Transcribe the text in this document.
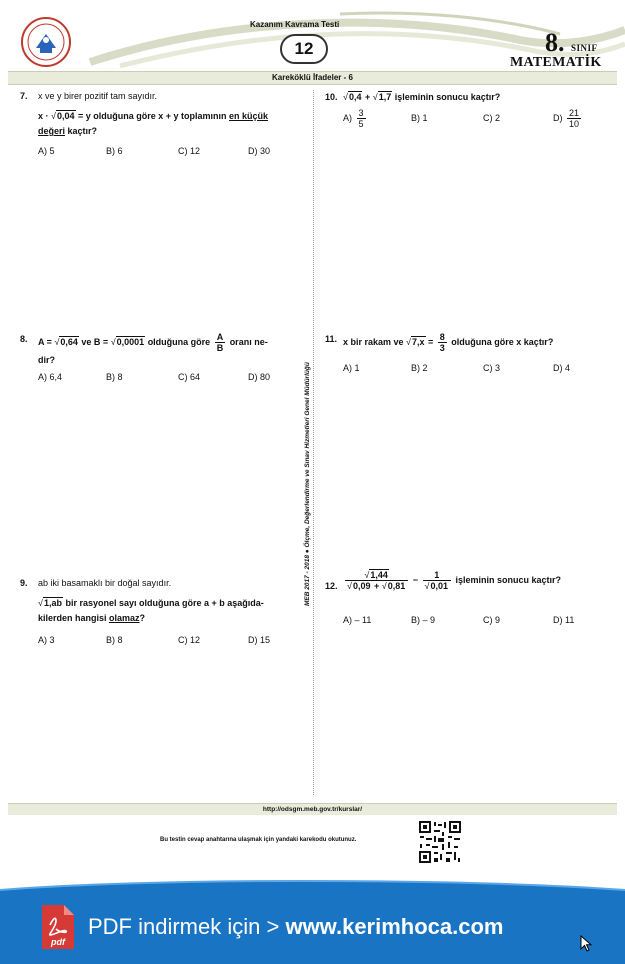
Kazanım Kavrama Testi
12	8. SINIF
MATEMATİK
Kareköklü İfadeler - 6
MEB 2017 - 2018 ● Ölçme, Değerlendirme ve Sınav Hizmetleri Genel Müdürlüğü
7. x ve y birer pozitif tam sayıdır.
x · √0,04 = y olduğuna göre x + y toplamının en küçük
değeri kaçtır?
A) 5	B) 6	C) 12	D) 30
8. A = √0,64 ve B = √0,0001 olduğuna göre $\frac{A}{B}$ oranı ne-
dir?
A) 6,4	B) 8	C) 64	D) 80
9. ab iki basamaklı bir doğal sayıdır.
√1,ab bir rasyonel sayı olduğuna göre a + b aşağıda-
kilerden hangisi olamaz?
A) 3	B) 8	C) 12	D) 15
10. √0,4 + √1,7 işleminin sonucu kaçtır?
$A) \frac{3}{5}$	B) 1	C) 2	$D) \frac{21}{10}$
11. x bir rakam ve $√7,x = \frac{8}{3}$ olduğuna göre x kaçtır?
A) 1	B) 2	C) 3	D) 4
12. $\frac{√1,44}{√0,09 + √0,81} - \frac{1}{√0,01}$ işleminin sonucu kaçtır?
A) – 11	B) – 9	C) 9	D) 11
http://odsgm.meb.gov.tr/kurslar/
Bu testin cevap anahtarına ulaşmak için yandaki karekodu okutunuz.
pdf
PDF indirmek için > www.kerimhoca.com
